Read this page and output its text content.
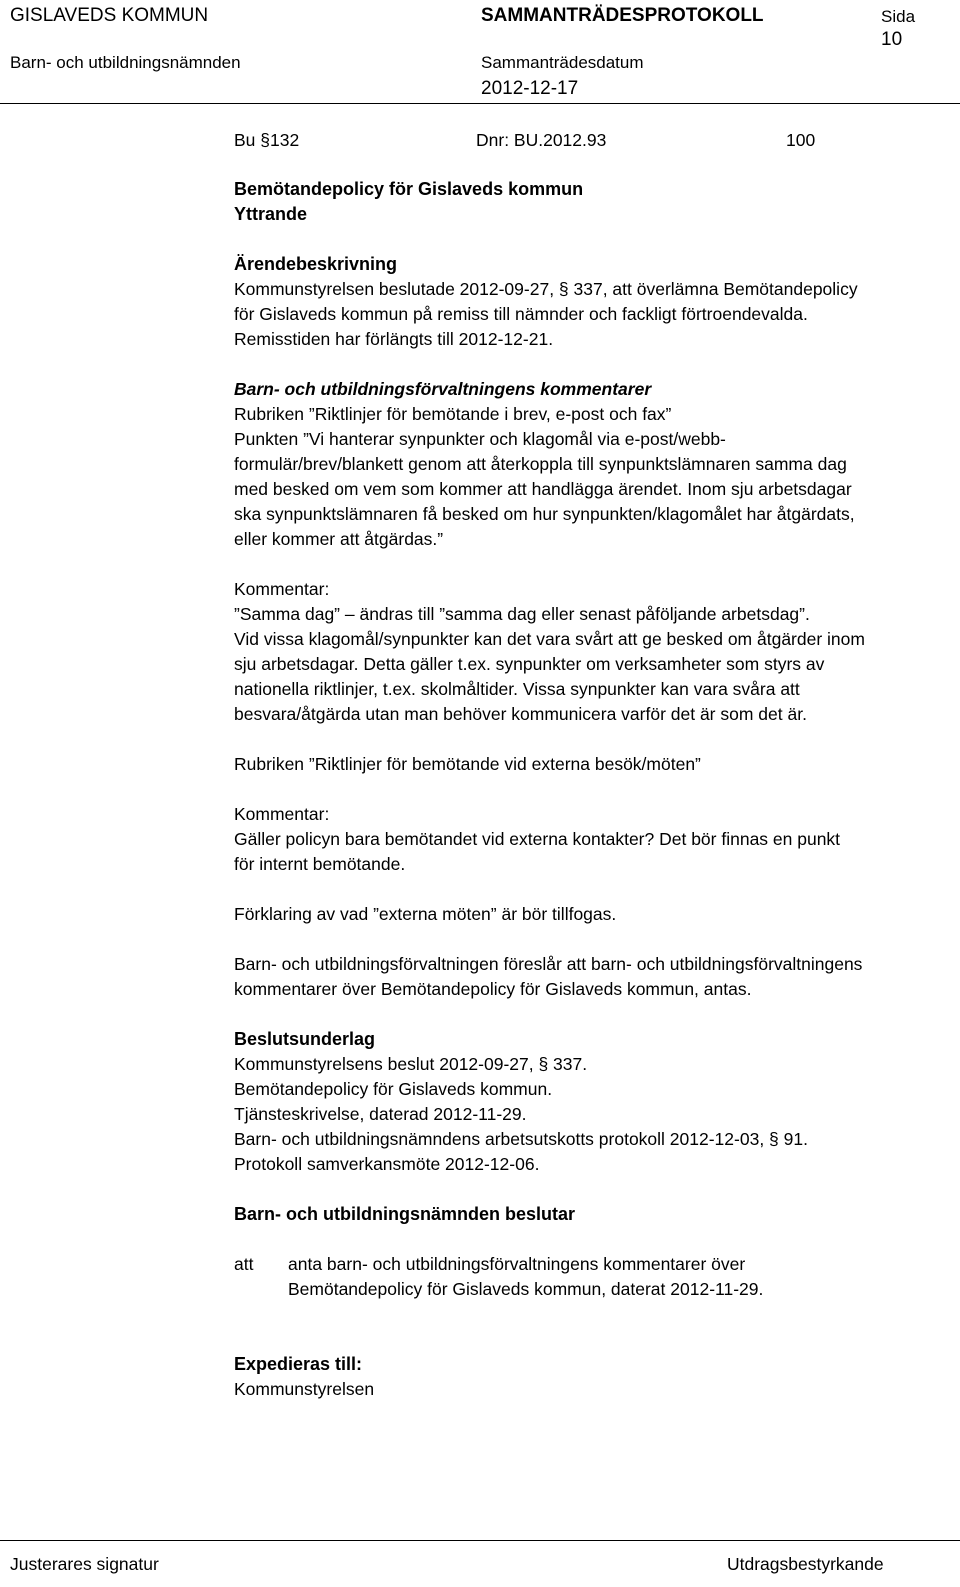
GISLAVEDS KOMMUN	SAMMANTRÄDESPROTOKOLL	Sida
10
Barn- och utbildningsnämnden	Sammanträdesdatum
2012-12-17
Bu §132	Dnr: BU.2012.93	100
Bemötandepolicy för Gislaveds kommun
Yttrande
Ärendebeskrivning
Kommunstyrelsen beslutade 2012-09-27, § 337, att överlämna Bemötandepolicy
för Gislaveds kommun på remiss till nämnder och fackligt förtroendevalda.
Remisstiden har förlängts till 2012-12-21.
Barn- och utbildningsförvaltningens kommentarer
Rubriken ”Riktlinjer för bemötande i brev, e-post och fax”
Punkten ”Vi hanterar synpunkter och klagomål via e-post/webb-
formulär/brev/blankett genom att återkoppla till synpunktslämnaren samma dag
med besked om vem som kommer att handlägga ärendet. Inom sju arbetsdagar
ska synpunktslämnaren få besked om hur synpunkten/klagomålet har åtgärdats,
eller kommer att åtgärdas.”
Kommentar:
”Samma dag” – ändras till ”samma dag eller senast påföljande arbetsdag”.
Vid vissa klagomål/synpunkter kan det vara svårt att ge besked om åtgärder inom
sju arbetsdagar. Detta gäller t.ex. synpunkter om verksamheter som styrs av
nationella riktlinjer, t.ex. skolmåltider. Vissa synpunkter kan vara svåra att
besvara/åtgärda utan man behöver kommunicera varför det är som det är.
Rubriken ”Riktlinjer för bemötande vid externa besök/möten”
Kommentar:
Gäller policyn bara bemötandet vid externa kontakter? Det bör finnas en punkt
för internt bemötande.
Förklaring av vad ”externa möten” är bör tillfogas.
Barn- och utbildningsförvaltningen föreslår att barn- och utbildningsförvaltningens
kommentarer över Bemötandepolicy för Gislaveds kommun, antas.
Beslutsunderlag
Kommunstyrelsens beslut 2012-09-27, § 337.
Bemötandepolicy för Gislaveds kommun.
Tjänsteskrivelse, daterad 2012-11-29.
Barn- och utbildningsnämndens arbetsutskotts protokoll 2012-12-03, § 91.
Protokoll samverkansmöte 2012-12-06.
Barn- och utbildningsnämnden beslutar
att	anta barn- och utbildningsförvaltningens kommentarer över
Bemötandepolicy för Gislaveds kommun, daterat 2012-11-29.
Expedieras till:
Kommunstyrelsen
Justerares signatur	Utdragsbestyrkande
